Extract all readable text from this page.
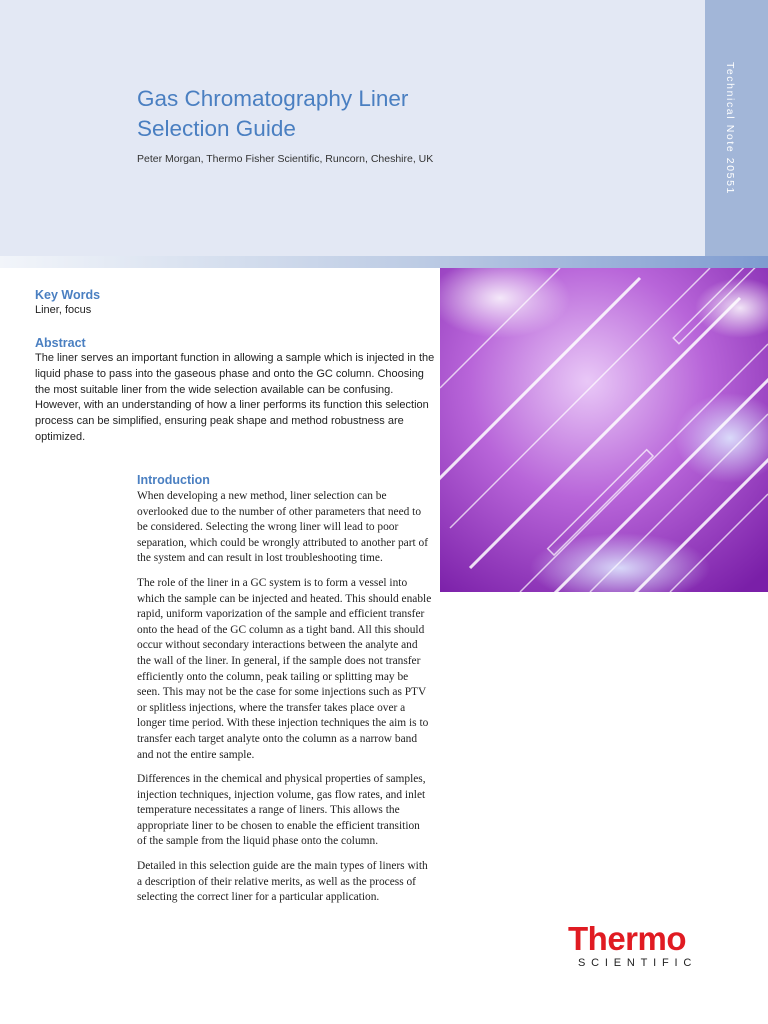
Technical Note 20551
Gas Chromatography Liner
Selection Guide
Peter Morgan, Thermo Fisher Scientific, Runcorn, Cheshire, UK
Key Words
Liner, focus
Abstract

The liner serves an important function in allowing a sample which is injected in the liquid phase to pass into the gaseous phase and onto the GC column. Choosing the most suitable liner from the wide selection available can be confusing. However, with an understanding of how a liner performs its function this selection process can be simplified, ensuring peak shape and method robustness are optimized.

Introduction

When developing a new method, liner selection can be overlooked due to the number of other parameters that need to be considered. Selecting the wrong liner will lead to poor separation, which could be wrongly attributed to another part of the system and can result in lost troubleshooting time.

The role of the liner in a GC system is to form a vessel into which the sample can be injected and heated. This should enable rapid, uniform vaporization of the sample and efficient transfer onto the head of the GC column as a tight band. All this should occur without secondary interactions between the analyte and the wall of the liner. In general, if the sample does not transfer efficiently onto the column, peak tailing or splitting may be seen. This may not be the case for some injections such as PTV or splitless injections, where the transfer takes place over a longer time period. With these injection techniques the aim is to transfer each target analyte onto the column as a narrow band and not the entire sample.

Differences in the chemical and physical properties of samples, injection techniques, injection volume, gas flow rates, and inlet temperature necessitates a range of liners. This allows the appropriate liner to be chosen to enable the efficient transition of the sample from the liquid phase onto the column.

Detailed in this selection guide are the main types of liners with a description of their relative merits, as well as the process of selecting the correct liner for a particular application.

Thermo
SCIENTIFIC
